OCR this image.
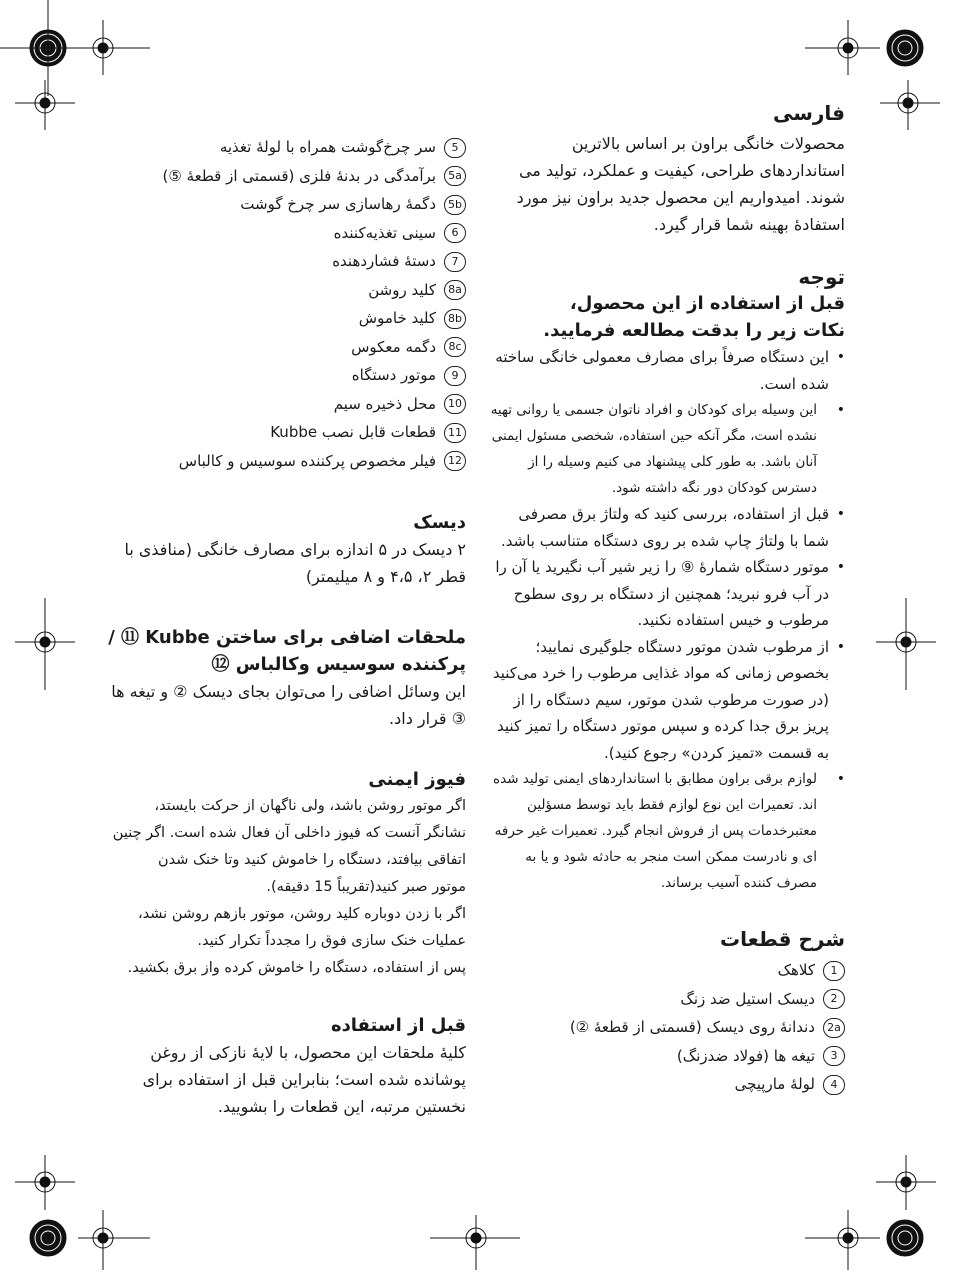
فارسی

محصولات خانگی براون بر اساس بالاترین استانداردهای طراحی، کیفیت و عملکرد، تولید می شوند. امیدواریم این محصول جدید براون نیز مورد استفادهٔ بهینه شما قرار گیرد.

توجه
قبل از استفاده از این محصول،
نکات زیر را بدقت مطالعه فرمایید.
• این دستگاه صرفاً برای مصارف معمولی خانگی ساخته شده است.
• این وسیله برای کودکان و افراد ناتوان جسمی یا روانی تهیه نشده است، مگر آنکه حین استفاده، شخصی مسئول ایمنی آنان باشد. به طور کلی پیشنهاد می کنیم وسیله را از دسترس کودکان دور نگه داشته شود.
• قبل از استفاده، بررسی کنید که ولتاژ برق مصرفی شما با ولتاژ چاپ شده بر روی دستگاه متناسب باشد.
• موتور دستگاه شمارهٔ ⑨ را زیر شیر آب نگیرید یا آن را در آب فرو نبرید؛ همچنین از دستگاه بر روی سطوح مرطوب و خیس استفاده نکنید.
• از مرطوب شدن موتور دستگاه جلوگیری نمایید؛ بخصوص زمانی که مواد غذایی مرطوب را خرد می‌کنید (در صورت مرطوب شدن موتور، سیم دستگاه را از پریز برق جدا کرده و سپس موتور دستگاه را تمیز کنید به قسمت «تمیز کردن» رجوع کنید).
• لوازم برقی براون مطابق با استانداردهای ایمنی تولید شده اند. تعمیرات این نوع لوازم فقط باید توسط مسؤلین معتبرخدمات پس از فروش انجام گیرد. تعمیرات غیر حرفه ای و نادرست ممکن است منجر به حادثه شود و یا به مصرف کننده آسیب برساند.
شرح قطعات
1کلاهک
2دیسک استیل ضد زنگ
2aدندانهٔ روی دیسک (قسمتی از قطعهٔ ②)
3تیغه ها (فولاد ضدزنگ)
4لولهٔ مارپیچی
5سر چرخ‌گوشت همراه با لولهٔ تغذیه
5aبرآمدگی در بدنهٔ فلزی (قسمتی از قطعهٔ ⑤)
5bدگمهٔ رهاسازی سر چرخ گوشت
6سینی تغذیه‌کننده
7دستهٔ فشاردهنده
8aکلید روشن
8bکلید خاموش
8cدگمه معکوس
9موتور دستگاه
10محل ذخیره سیم
11قطعات قابل نصب Kubbe
12فیلر مخصوص پرکننده سوسیس و کالباس
دیسک

۲ دیسک در ۵ اندازه برای مصارف خانگی (منافذی با قطر ۲، ۴،۵ و ۸ میلیمتر)

ملحقات اضافی برای ساختن Kubbe ⑪ /
پرکننده سوسیس وکالباس ⑫

این وسائل اضافی را می‌توان بجای دیسک ② و تیغه ها ③ قرار داد.

فیوز ایمنی

اگر موتور روشن باشد، ولی ناگهان از حرکت بایستد،

نشانگر آنست که فیوز داخلی آن فعال شده است. اگر چنین

اتفاقی بیافتد، دستگاه را خاموش کنید وتا خنک شدن

موتور صبر کنید(تقریباً 15 دقیقه).

اگر با زدن دوباره کلید روشن، موتور بازهم روشن نشد،

عملیات خنک سازی فوق را مجدداً تکرار کنید.

پس از استفاده، دستگاه را خاموش کرده واز برق بکشید.

قبل از استفاده

کلیهٔ ملحقات این محصول، با لایهٔ نازکی از روغن پوشانده شده است؛ بنابراین قبل از استفاده برای نخستین مرتبه، این قطعات را بشویید.
